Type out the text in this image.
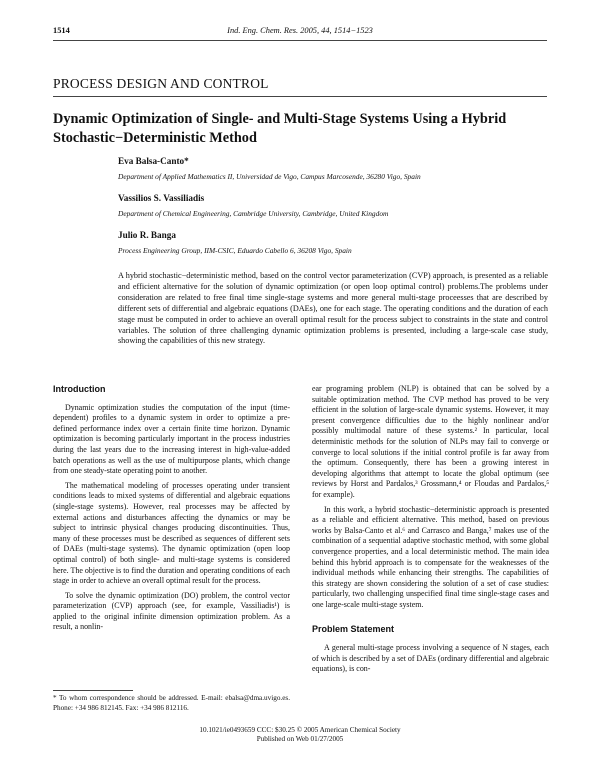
1514	Ind. Eng. Chem. Res. 2005, 44, 1514−1523
PROCESS DESIGN AND CONTROL
Dynamic Optimization of Single- and Multi-Stage Systems Using a Hybrid Stochastic−Deterministic Method
Eva Balsa-Canto*
Department of Applied Mathematics II, Universidad de Vigo, Campus Marcosende, 36280 Vigo, Spain
Vassilios S. Vassiliadis
Department of Chemical Engineering, Cambridge University, Cambridge, United Kingdom
Julio R. Banga
Process Engineering Group, IIM-CSIC, Eduardo Cabello 6, 36208 Vigo, Spain
A hybrid stochastic−deterministic method, based on the control vector parameterization (CVP) approach, is presented as a reliable and efficient alternative for the solution of dynamic optimization (or open loop optimal control) problems.The problems under consideration are related to free final time single-stage systems and more general multi-stage proceesses that are described by different sets of differential and algebraic equations (DAEs), one for each stage. The operating conditions and the duration of each stage must be computed in order to achieve an overall optimal result for the process subject to constraints in the state and control variables. The solution of three challenging dynamic optimization problems is presented, including a large-scale case study, showing the capabilities of this new strategy.
Introduction

Dynamic optimization studies the computation of the input (time-dependent) profiles to a dynamic system in order to optimize a pre-defined performance index over a certain finite time horizon. Dynamic optimization is becoming particularly important in the process industries during the last years due to the increasing interest in high-value-added batch operations as well as the use of multipurpose plants, which change from one steady-state operating point to another.

The mathematical modeling of processes operating under transient conditions leads to mixed systems of differential and algebraic equations (single-stage systems). However, real processes may be affected by external actions and disturbances affecting the dynamics or may be subject to intrinsic physical changes producing discontinuities. Thus, many of these processes must be described as sequences of different sets of DAEs (multi-stage systems). The dynamic optimization (open loop optimal control) of both single- and multi-stage systems is considered here. The objective is to find the duration and operating conditions of each stage in order to achieve an overall optimal result for the process.

To solve the dynamic optimization (DO) problem, the control vector parameterization (CVP) approach (see, for example, Vassiliadis¹) is applied to the original infinite dimension optimization problem. As a result, a nonlin-

ear programing problem (NLP) is obtained that can be solved by a suitable optimization method. The CVP method has proved to be very efficient in the solution of large-scale dynamic systems. However, it may present convergence difficulties due to the highly nonlinear and/or possibly multimodal nature of these systems.² In particular, local deterministic methods for the solution of NLPs may fail to converge or converge to local solutions if the initial control profile is far away from the optimum. Consequently, there has been a growing interest in developing algorithms that attempt to locate the global optimum (see reviews by Horst and Pardalos,³ Grossmann,⁴ or Floudas and Pardalos,⁵ for example).

In this work, a hybrid stochastic−deterministic approach is presented as a reliable and efficient alternative. This method, based on previous works by Balsa-Canto et al.⁶ and Carrasco and Banga,⁷ makes use of the combination of a sequential adaptive stochastic method, with some global convergence properties, and a local deterministic method. The main idea behind this hybrid approach is to compensate for the weaknesses of the individual methods while enhancing their strengths. The capabilities of this strategy are shown considering the solution of a set of case studies: particularly, two challenging unspecified final time single-stage cases and one large-scale multi-stage system.

Problem Statement

A general multi-stage process involving a sequence of N stages, each of which is described by a set of DAEs (ordinary differential and algebraic equations), is con-

* To whom correspondence should be addressed. E-mail: ebalsa@dma.uvigo.es. Phone: +34 986 812145. Fax: +34 986 812116.
10.1021/ie0493659 CCC: $30.25 © 2005 American Chemical Society
Published on Web 01/27/2005
